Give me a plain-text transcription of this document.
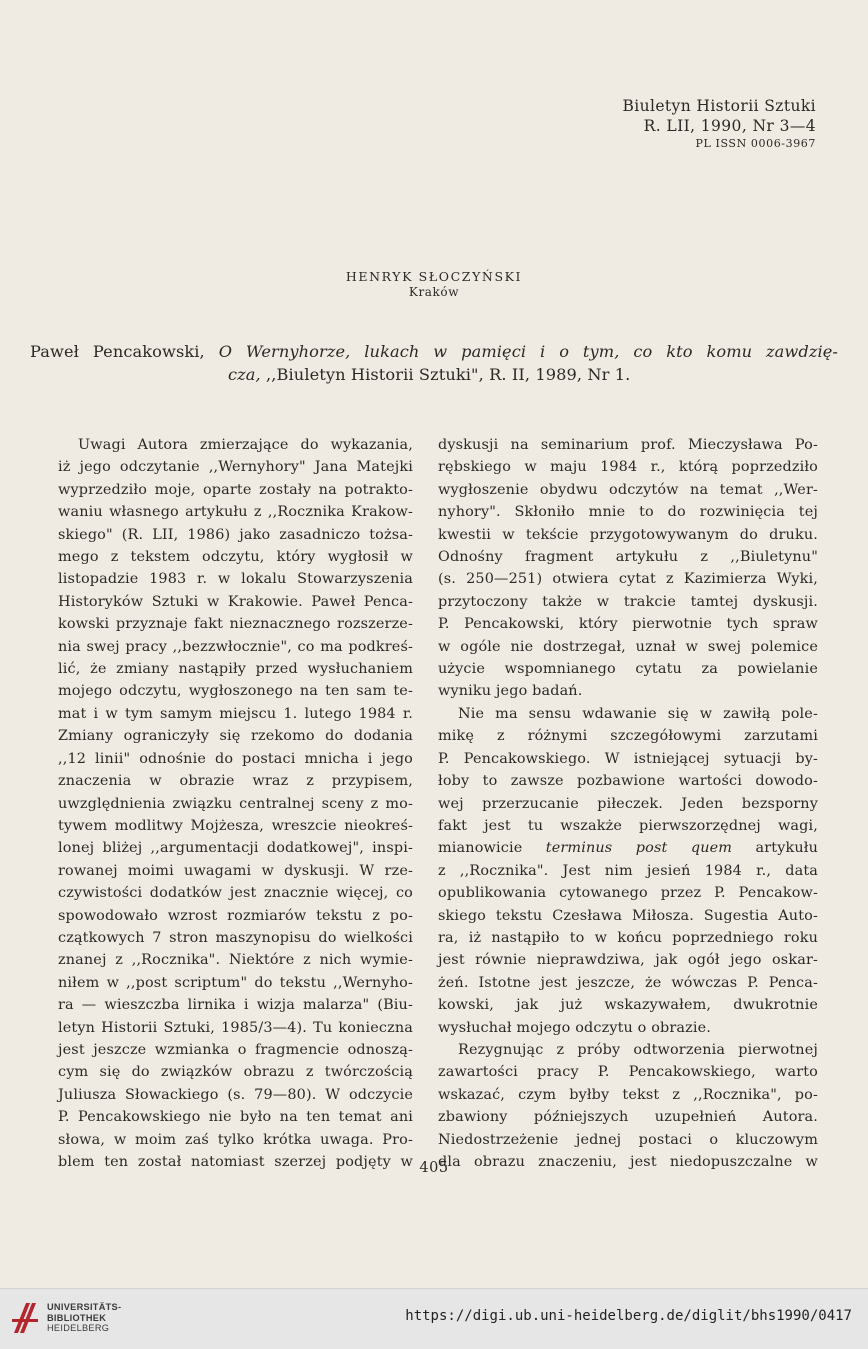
Biuletyn Historii Sztuki
R. LII, 1990, Nr 3—4
PL ISSN 0006-3967
HENRYK SŁOCZYŃSKI
Kraków
Paweł Pencakowski, O Wernyhorze, lukach w pamięci i o tym, co kto komu zawdzię-
cza, ,,Biuletyn Historii Sztuki", R. II, 1989, Nr 1.
Uwagi Autora zmierzające do wykazania,
iż jego odczytanie ,,Wernyhory" Jana Matejki
wyprzedziło moje, oparte zostały na potrakto-
waniu własnego artykułu z ,,Rocznika Krakow-
skiego" (R. LII, 1986) jako zasadniczo tożsa-
mego z tekstem odczytu, który wygłosił w
listopadzie 1983 r. w lokalu Stowarzyszenia
Historyków Sztuki w Krakowie. Paweł Penca-
kowski przyznaje fakt nieznacznego rozszerze-
nia swej pracy ,,bezzwłocznie", co ma podkreś-
lić, że zmiany nastąpiły przed wysłuchaniem
mojego odczytu, wygłoszonego na ten sam te-
mat i w tym samym miejscu 1. lutego 1984 r.
Zmiany ograniczyły się rzekomo do dodania
,,12 linii" odnośnie do postaci mnicha i jego
znaczenia w obrazie wraz z przypisem,
uwzględnienia związku centralnej sceny z mo-
tywem modlitwy Mojżesza, wreszcie nieokreś-
lonej bliżej ,,argumentacji dodatkowej", inspi-
rowanej moimi uwagami w dyskusji. W rze-
czywistości dodatków jest znacznie więcej, co
spowodowało wzrost rozmiarów tekstu z po-
czątkowych 7 stron maszynopisu do wielkości
znanej z ,,Rocznika". Niektóre z nich wymie-
niłem w ,,post scriptum" do tekstu ,,Wernyho-
ra — wieszczba lirnika i wizja malarza" (Biu-
letyn Historii Sztuki, 1985/3—4). Tu konieczna
jest jeszcze wzmianka o fragmencie odnoszą-
cym się do związków obrazu z twórczością
Juliusza Słowackiego (s. 79—80). W odczycie
P. Pencakowskiego nie było na ten temat ani
słowa, w moim zaś tylko krótka uwaga. Pro-
blem ten został natomiast szerzej podjęty w
dyskusji na seminarium prof. Mieczysława Po-
rębskiego w maju 1984 r., którą poprzedziło
wygłoszenie obydwu odczytów na temat ,,Wer-
nyhory". Skłoniło mnie to do rozwinięcia tej
kwestii w tekście przygotowywanym do druku.
Odnośny fragment artykułu z ,,Biuletynu"
(s. 250—251) otwiera cytat z Kazimierza Wyki,
przytoczony także w trakcie tamtej dyskusji.
P. Pencakowski, który pierwotnie tych spraw
w ogóle nie dostrzegał, uznał w swej polemice
użycie wspomnianego cytatu za powielanie
wyniku jego badań.
Nie ma sensu wdawanie się w zawiłą pole-
mikę z różnymi szczegółowymi zarzutami
P. Pencakowskiego. W istniejącej sytuacji by-
łoby to zawsze pozbawione wartości dowodo-
wej przerzucanie piłeczek. Jeden bezsporny
fakt jest tu wszakże pierwszorzędnej wagi,
mianowicie terminus post quem artykułu
z ,,Rocznika". Jest nim jesień 1984 r., data
opublikowania cytowanego przez P. Pencakow-
skiego tekstu Czesława Miłosza. Sugestia Auto-
ra, iż nastąpiło to w końcu poprzedniego roku
jest równie nieprawdziwa, jak ogół jego oskar-
żeń. Istotne jest jeszcze, że wówczas P. Penca-
kowski, jak już wskazywałem, dwukrotnie
wysłuchał mojego odczytu o obrazie.
Rezygnując z próby odtworzenia pierwotnej
zawartości pracy P. Pencakowskiego, warto
wskazać, czym byłby tekst z ,,Rocznika", po-
zbawiony późniejszych uzupełnień Autora.
Niedostrzeżenie jednej postaci o kluczowym
dla obrazu znaczeniu, jest niedopuszczalne w
405
UNIVERSITÄTS-
BIBLIOTHEK
HEIDELBERG
https://digi.ub.uni-heidelberg.de/diglit/bhs1990/0417
